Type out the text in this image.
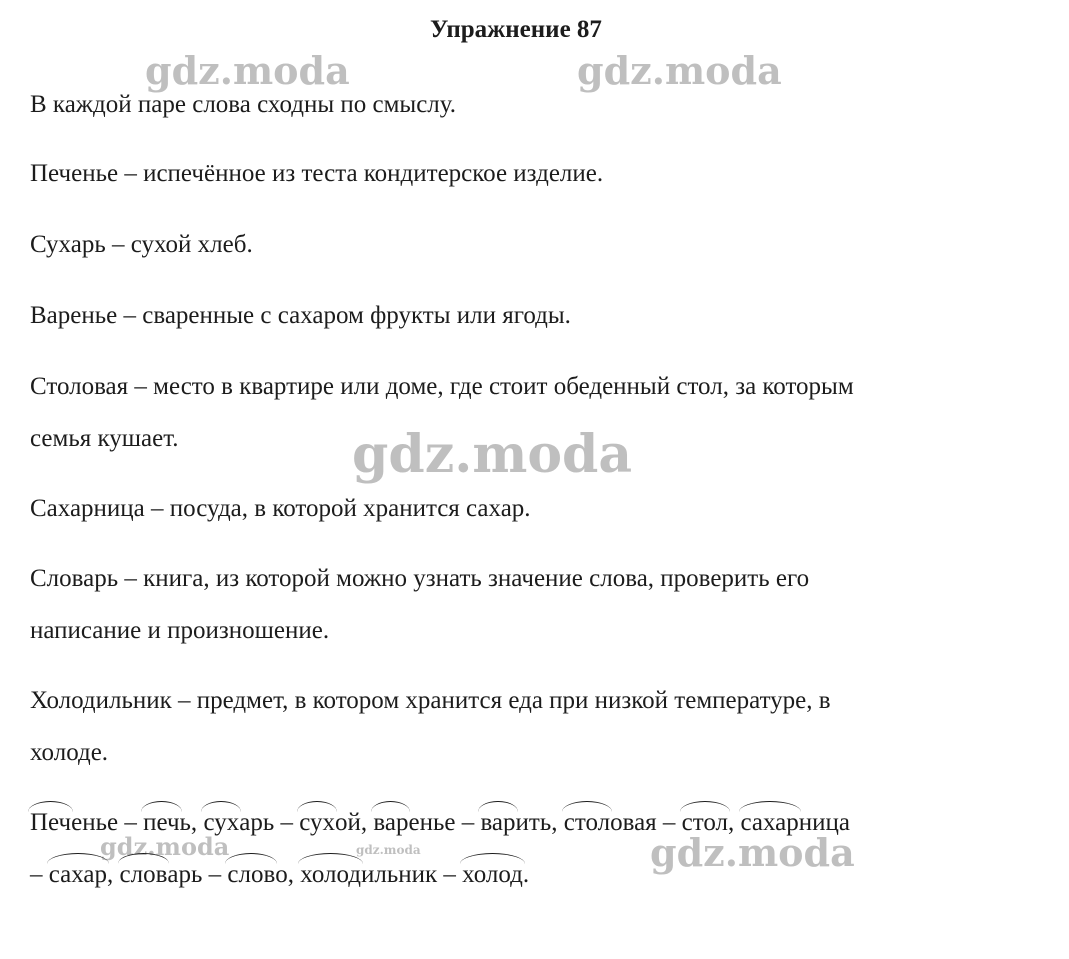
Упражнение 87
gdz.moda	gdz.moda
gdz.moda
gdz.moda	gdz.moda	gdz.moda
В каждой паре слова сходны по смыслу.
Печенье – испечённое из теста кондитерское изделие.
Сухарь – сухой хлеб.
Варенье – сваренные с сахаром фрукты или ягоды.
Столовая – место в квартире или доме, где стоит обеденный стол, за которым
семья кушает.
Сахарница – посуда, в которой хранится сахар.
Словарь – книга, из которой можно узнать значение слова, проверить его
написание и произношение.
Холодильник – предмет, в котором хранится еда при низкой температуре, в
холоде.
Печенье – печь, сухарь – сухой, варенье – варить, столовая – стол, сахарница
– сахар, словарь – слово, холодильник – холод.
